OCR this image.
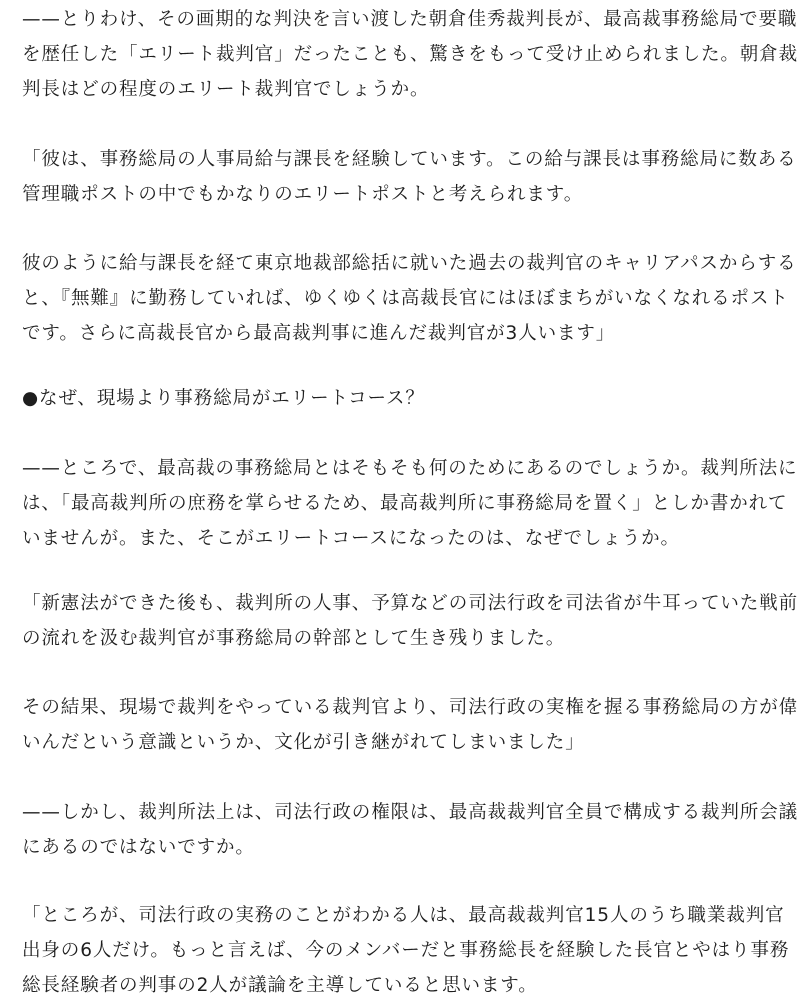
——とりわけ、その画期的な判決を言い渡した朝倉佳秀裁判長が、最高裁事務総局で要職
を歴任した「エリート裁判官」だったことも、驚きをもって受け止められました。朝倉裁
判長はどの程度のエリート裁判官でしょうか。

「彼は、事務総局の人事局給与課長を経験しています。この給与課長は事務総局に数ある
管理職ポストの中でもかなりのエリートポストと考えられます。

彼のように給与課長を経て東京地裁部総括に就いた過去の裁判官のキャリアパスからする
と、『無難』に勤務していれば、ゆくゆくは高裁長官にはほぼまちがいなくなれるポスト
です。さらに高裁長官から最高裁判事に進んだ裁判官が3人います」

●なぜ、現場より事務総局がエリートコース？

——ところで、最高裁の事務総局とはそもそも何のためにあるのでしょうか。裁判所法に
は、「最高裁判所の庶務を掌らせるため、最高裁判所に事務総局を置く」としか書かれて
いませんが。また、そこがエリートコースになったのは、なぜでしょうか。

「新憲法ができた後も、裁判所の人事、予算などの司法行政を司法省が牛耳っていた戦前
の流れを汲む裁判官が事務総局の幹部として生き残りました。

その結果、現場で裁判をやっている裁判官より、司法行政の実権を握る事務総局の方が偉
いんだという意識というか、文化が引き継がれてしまいました」

——しかし、裁判所法上は、司法行政の権限は、最高裁裁判官全員で構成する裁判所会議
にあるのではないですか。

「ところが、司法行政の実務のことがわかる人は、最高裁裁判官15人のうち職業裁判官
出身の6人だけ。もっと言えば、今のメンバーだと事務総長を経験した長官とやはり事務
総長経験者の判事の2人が議論を主導していると思います。
